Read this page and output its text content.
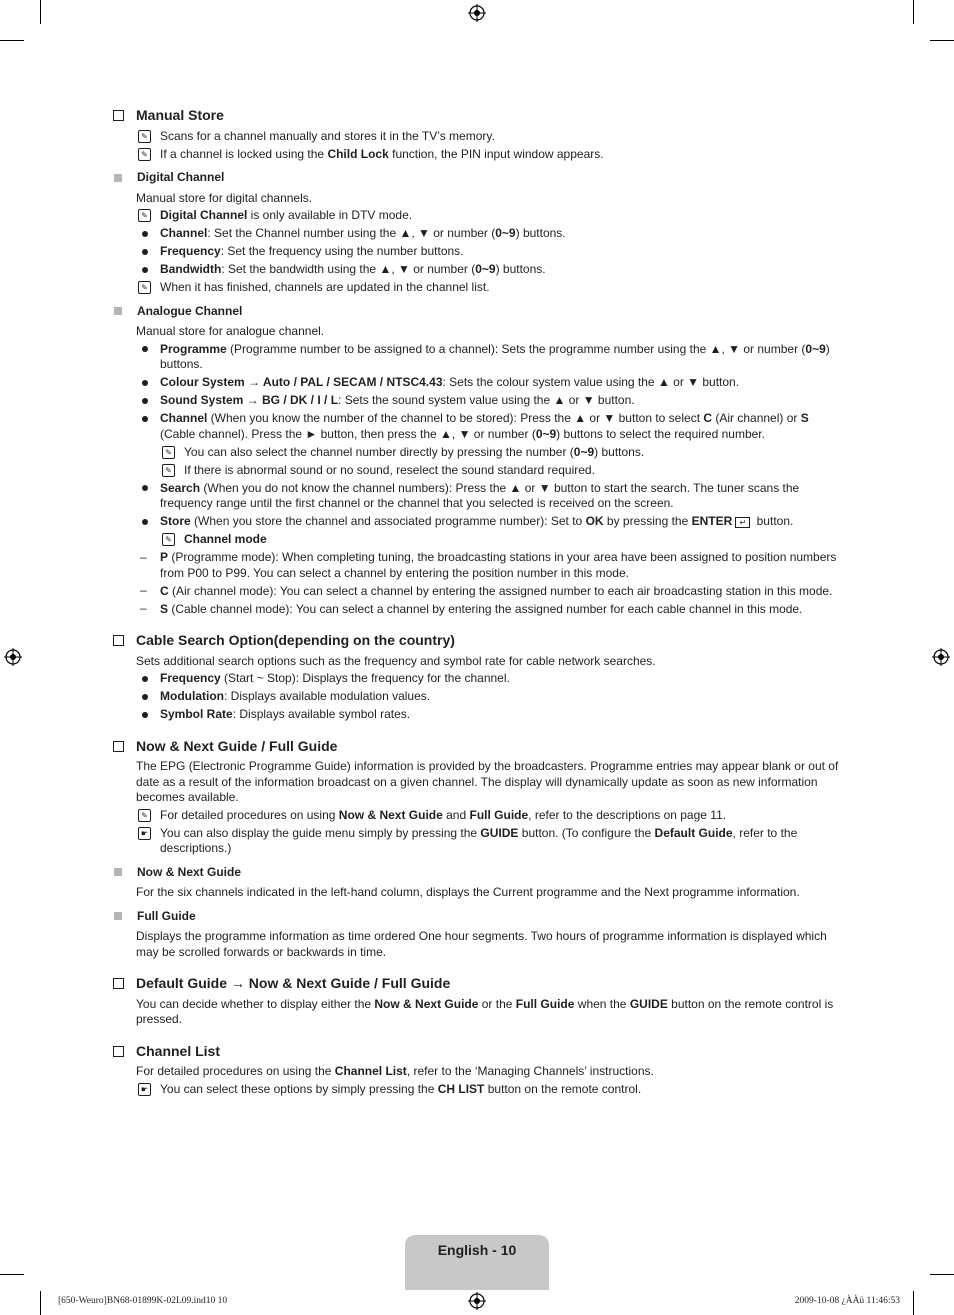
Manual Store
✎ Scans for a channel manually and stores it in the TV’s memory.
✎ If a channel is locked using the Child Lock function, the PIN input window appears.
Digital Channel
Manual store for digital channels.
✎ Digital Channel is only available in DTV mode.
Channel: Set the Channel number using the ▲, ▼ or number (0~9) buttons.
Frequency: Set the frequency using the number buttons.
Bandwidth: Set the bandwidth using the ▲, ▼ or number (0~9) buttons.
✎ When it has finished, channels are updated in the channel list.
Analogue Channel
Manual store for analogue channel.
Programme (Programme number to be assigned to a channel): Sets the programme number using the ▲, ▼ or number (0~9) buttons.
Colour System → Auto / PAL / SECAM / NTSC4.43: Sets the colour system value using the ▲ or ▼ button.
Sound System → BG / DK / I / L: Sets the sound system value using the ▲ or ▼ button.
Channel (When you know the number of the channel to be stored): Press the ▲ or ▼ button to select C (Air channel) or S (Cable channel). Press the ► button, then press the ▲, ▼ or number (0~9) buttons to select the required number.
✎ You can also select the channel number directly by pressing the number (0~9) buttons.
✎ If there is abnormal sound or no sound, reselect the sound standard required.
Search (When you do not know the channel numbers): Press the ▲ or ▼ button to start the search. The tuner scans the frequency range until the first channel or the channel that you selected is received on the screen.
Store (When you store the channel and associated programme number): Set to OK by pressing the ENTER ↵ button.
✎ Channel mode
– P (Programme mode): When completing tuning, the broadcasting stations in your area have been assigned to position numbers from P00 to P99. You can select a channel by entering the position number in this mode.
– C (Air channel mode): You can select a channel by entering the assigned number to each air broadcasting station in this mode.
– S (Cable channel mode): You can select a channel by entering the assigned number for each cable channel in this mode.
Cable Search Option (depending on the country)
Sets additional search options such as the frequency and symbol rate for cable network searches.
Frequency (Start ~ Stop): Displays the frequency for the channel.
Modulation: Displays available modulation values.
Symbol Rate: Displays available symbol rates.
Now & Next Guide / Full Guide
The EPG (Electronic Programme Guide) information is provided by the broadcasters. Programme entries may appear blank or out of date as a result of the information broadcast on a given channel. The display will dynamically update as soon as new information becomes available.
✎ For detailed procedures on using Now & Next Guide and Full Guide, refer to the descriptions on page 11.
☛ You can also display the guide menu simply by pressing the GUIDE button. (To configure the Default Guide, refer to the descriptions.)
Now & Next Guide
For the six channels indicated in the left-hand column, displays the Current programme and the Next programme information.
Full Guide
Displays the programme information as time ordered One hour segments. Two hours of programme information is displayed which may be scrolled forwards or backwards in time.
Default Guide → Now & Next Guide / Full Guide
You can decide whether to display either the Now & Next Guide or the Full Guide when the GUIDE button on the remote control is pressed.
Channel List
For detailed procedures on using the Channel List, refer to the ‘Managing Channels’ instructions.
☛ You can select these options by simply pressing the CH LIST button on the remote control.
English - 10
[650-Weuro]BN68-01899K-02L09.ind10 10	2009-10-08 ¿ÀÀü 11:46:53
